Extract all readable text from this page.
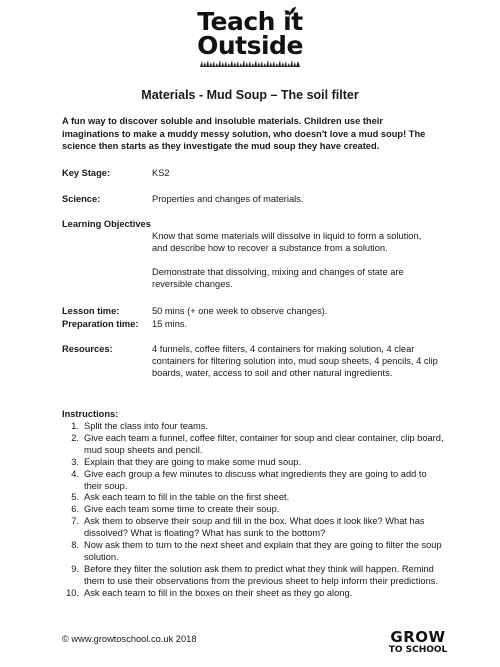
Teach it
Outside
Materials - Mud Soup – The soil filter
A fun way to discover soluble and insoluble materials. Children use their imaginations to make a muddy messy solution, who doesn't love a mud soup! The science then starts as they investigate the mud soup they have created.
Key Stage:	KS2
Science:	Properties and changes of materials.
Learning Objectives
Know that some materials will dissolve in liquid to form a solution, and describe how to recover a substance from a solution.
Demonstrate that dissolving, mixing and changes of state are reversible changes.
Lesson time:	50 mins (+ one week to observe changes).
Preparation time: 15 mins.
Resources:	4 funnels, coffee filters, 4 containers for making solution, 4 clear containers for filtering solution into, mud soup sheets, 4 pencils, 4 clip boards, water, access to soil and other natural ingredients.
Instructions:
1. Split the class into four teams.
2. Give each team a funnel, coffee filter, container for soup and clear container, clip board, mud soup sheets and pencil.
3. Explain that they are going to make some mud soup.
4. Give each group a few minutes to discuss what ingredients they are going to add to their soup.
5. Ask each team to fill in the table on the first sheet.
6. Give each team some time to create their soup.
7. Ask them to observe their soup and fill in the box. What does it look like? What has dissolved? What is floating? What has sunk to the bottom?
8. Now ask them to turn to the next sheet and explain that they are going to filter the soup solution.
9. Before they filter the solution ask them to predict what they think will happen. Remind them to use their observations from the previous sheet to help inform their predictions.
10. Ask each team to fill in the boxes on their sheet as they go along.
© www.growtoschool.co.uk 2018	GROW
TO SCHOOL
